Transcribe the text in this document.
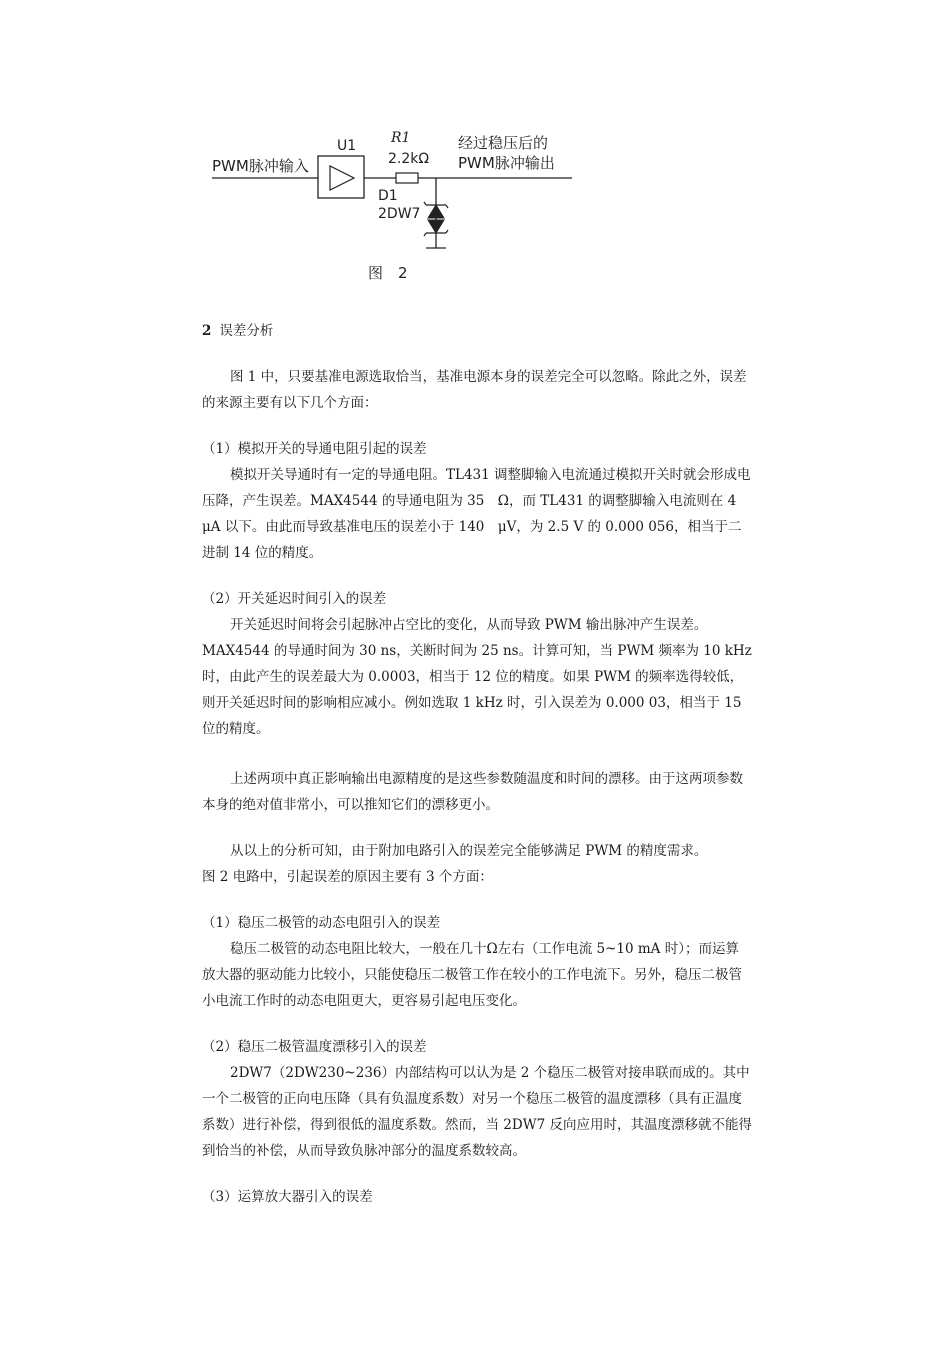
PWM脉冲输入
U1 R1
2.2kΩ
经过稳压后的
PWM脉冲输出
D1
2DW7
图　2

2 误差分析

图 1 中，只要基准电源选取恰当，基准电源本身的误差完全可以忽略。除此之外，误差的来源主要有以下几个方面：

（1）模拟开关的导通电阻引起的误差

模拟开关导通时有一定的导通电阻。TL431 调整脚输入电流通过模拟开关时就会形成电压降，产生误差。MAX4544 的导通电阻为 35　Ω，而 TL431 的调整脚输入电流则在 4　μA 以下。由此而导致基准电压的误差小于 140　μV，为 2.5 V 的 0.000 056，相当于二进制 14 位的精度。

（2）开关延迟时间引入的误差

开关延迟时间将会引起脉冲占空比的变化，从而导致 PWM 输出脉冲产生误差。

MAX4544 的导通时间为 30 ns，关断时间为 25 ns。计算可知，当 PWM 频率为 10 kHz 时，由此产生的误差最大为 0.0003，相当于 12 位的精度。如果 PWM 的频率选得较低，则开关延迟时间的影响相应减小。例如选取 1 kHz 时，引入误差为 0.000 03，相当于 15 位的精度。

上述两项中真正影响输出电源精度的是这些参数随温度和时间的漂移。由于这两项参数本身的绝对值非常小，可以推知它们的漂移更小。

从以上的分析可知，由于附加电路引入的误差完全能够满足 PWM 的精度需求。

图 2 电路中，引起误差的原因主要有 3 个方面：

（1）稳压二极管的动态电阻引入的误差

稳压二极管的动态电阻比较大，一般在几十Ω左右（工作电流 5~10 mA 时）；而运算放大器的驱动能力比较小，只能使稳压二极管工作在较小的工作电流下。另外，稳压二极管小电流工作时的动态电阻更大，更容易引起电压变化。

（2）稳压二极管温度漂移引入的误差

2DW7（2DW230~236）内部结构可以认为是 2 个稳压二极管对接串联而成的。其中一个二极管的正向电压降（具有负温度系数）对另一个稳压二极管的温度漂移（具有正温度系数）进行补偿，得到很低的温度系数。然而，当 2DW7 反向应用时，其温度漂移就不能得到恰当的补偿，从而导致负脉冲部分的温度系数较高。

（3）运算放大器引入的误差
